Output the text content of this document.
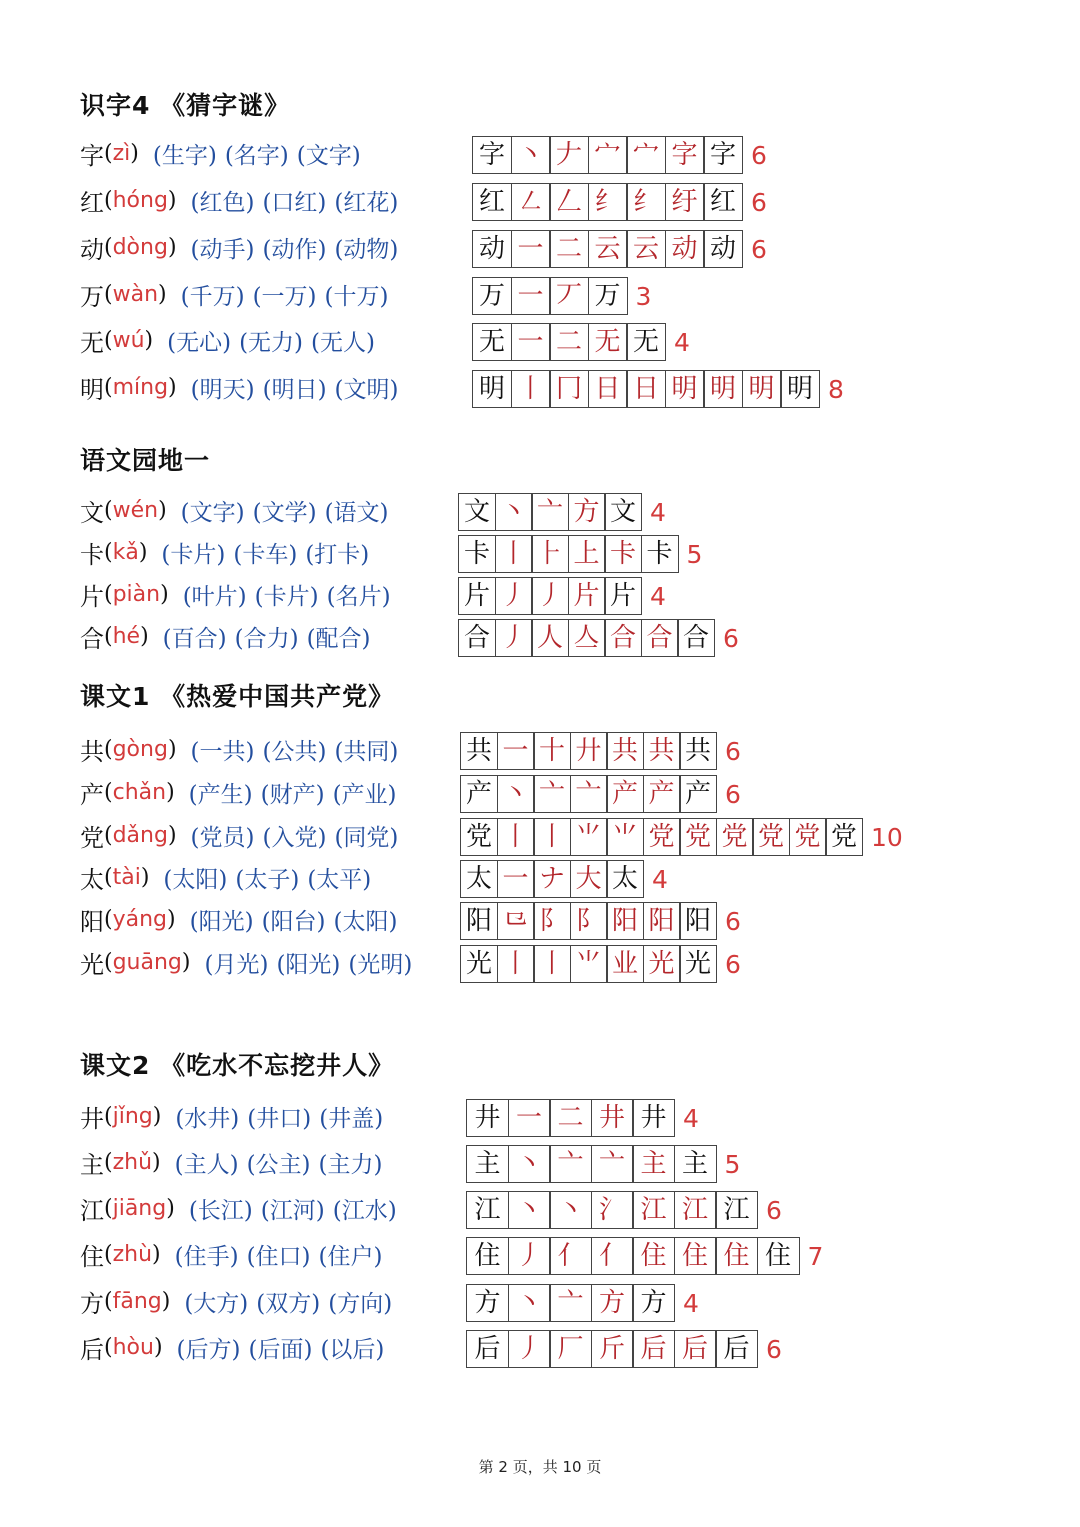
识字4 《猜字谜》
语文园地一
课文1 《热爱中国共产党》
课文2 《吃水不忘挖井人》
字 ( zì ) (生字) (名字) (文字)	字 丶 𠂇 宀 宀 字 字 6
红 ( hóng ) (红色) (口红) (红花)	红 ㇜ 𠃋 纟 纟 纡 红 6
动 ( dòng ) (动手) (动作) (动物)	动 一 二 云 云 动 动 6
万 ( wàn ) (千万) (一万) (十万)	万 一 丆 万 3
无 ( wú ) (无心) (无力) (无人)	无 一 二 无 无 4
明 ( míng ) (明天) (明日) (文明)	明 丨 冂 日 日 明 明 明 明 8
文 ( wén ) (文字) (文学) (语文)	文 丶 亠 方 文 4
卡 ( kǎ ) (卡片) (卡车) (打卡)	卡 丨 ⺊ 上 卡 卡 5
片 ( piàn ) (叶片) (卡片) (名片)	片 丿 丿 片 片 4
合 ( hé ) (百合) (合力) (配合)	合 丿 人 亼 合 合 合 6
共 ( gòng ) (一共) (公共) (共同)	共 一 十 廾 共 共 共 6
产 ( chǎn ) (产生) (财产) (产业)	产 丶 亠 亠 产 产 产 6
党 ( dǎng ) (党员) (入党) (同党)	党 丨 丨 ⺌ ⺌ 党 党 党 党 党 党 10
太 ( tài ) (太阳) (太子) (太平)	太 一 ナ 大 太 4
阳 ( yáng ) (阳光) (阳台) (太阳)	阳 ⺋ 阝 阝 阳 阳 阳 6
光 ( guāng ) (月光) (阳光) (光明) 光 丨 丨 ⺌ 业 光 光 6
井 ( jǐng ) (水井) (井口) (井盖)	井 一 二 井 井 4
主 ( zhǔ ) (主人) (公主) (主力)	主 丶 亠 亠 主 主 5
江 ( jiāng ) (长江) (江河) (江水)	江 丶 丶 氵 江 江 江 6
住 ( zhù ) (住手) (住口) (住户)	住 丿 亻 亻 住 住 住 住 7
方 ( fāng ) (大方) (双方) (方向)	方 丶 亠 方 方 4
后 ( hòu ) (后方) (后面) (以后)	后 丿 厂 斤 后 后 后 6
第 2 页，共 10 页
